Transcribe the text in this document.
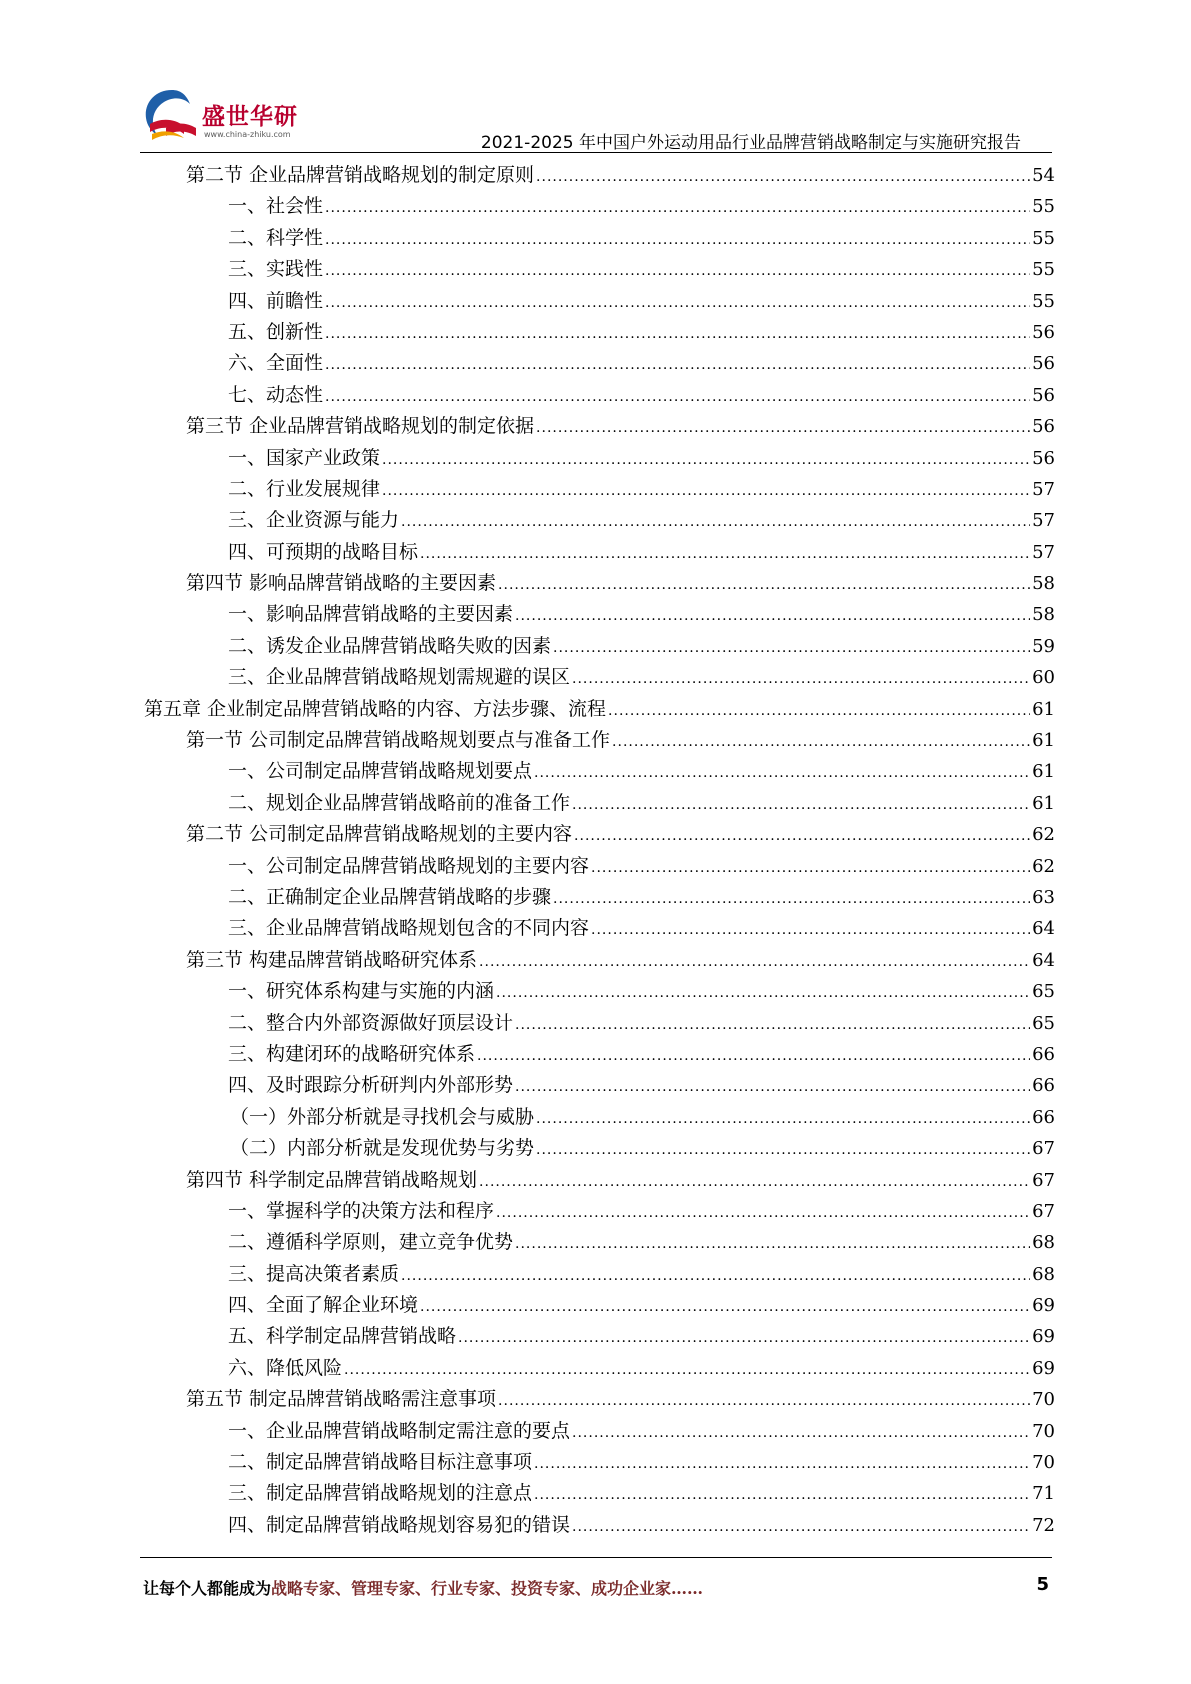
盛世华研
www.china-zhiku.com	2021-2025 年中国户外运动用品行业品牌营销战略制定与实施研究报告
第二节 企业品牌营销战略规划的制定原则 .....	54
一、社会性 .....	55
二、科学性 .....	55
三、实践性 .....	55
四、前瞻性 .....	55
五、创新性 .....	56
六、全面性 .....	56
七、动态性 .....	56
第三节 企业品牌营销战略规划的制定依据 .....	56
一、国家产业政策 .....	56
二、行业发展规律 .....	57
三、企业资源与能力 .....	57
四、可预期的战略目标 .....	57
第四节 影响品牌营销战略的主要因素 .....	58
一、影响品牌营销战略的主要因素 .....	58
二、诱发企业品牌营销战略失败的因素 .....	59
三、企业品牌营销战略规划需规避的误区 .....	60
第五章 企业制定品牌营销战略的内容、方法步骤、流程 .....	61
第一节 公司制定品牌营销战略规划要点与准备工作 .....	61
一、公司制定品牌营销战略规划要点 .....	61
二、规划企业品牌营销战略前的准备工作 .....	61
第二节 公司制定品牌营销战略规划的主要内容 .....	62
一、公司制定品牌营销战略规划的主要内容 .....	62
二、正确制定企业品牌营销战略的步骤 .....	63
三、企业品牌营销战略规划包含的不同内容 .....	64
第三节 构建品牌营销战略研究体系 .....	64
一、研究体系构建与实施的内涵 .....	65
二、整合内外部资源做好顶层设计 .....	65
三、构建闭环的战略研究体系 .....	66
四、及时跟踪分析研判内外部形势 .....	66
（一）外部分析就是寻找机会与威胁 .....	66
（二）内部分析就是发现优势与劣势 .....	67
第四节 科学制定品牌营销战略规划 .....	67
一、掌握科学的决策方法和程序 .....	67
二、遵循科学原则，建立竞争优势 .....	68
三、提高决策者素质 .....	68
四、全面了解企业环境 .....	69
五、科学制定品牌营销战略 .....	69
六、降低风险 .....	69
第五节 制定品牌营销战略需注意事项 .....	70
一、企业品牌营销战略制定需注意的要点 .....	70
二、制定品牌营销战略目标注意事项 .....	70
三、制定品牌营销战略规划的注意点 .....	71
四、制定品牌营销战略规划容易犯的错误 .....	72
让每个人都能成为战略专家、管理专家、行业专家、投资专家、成功企业家……	5
